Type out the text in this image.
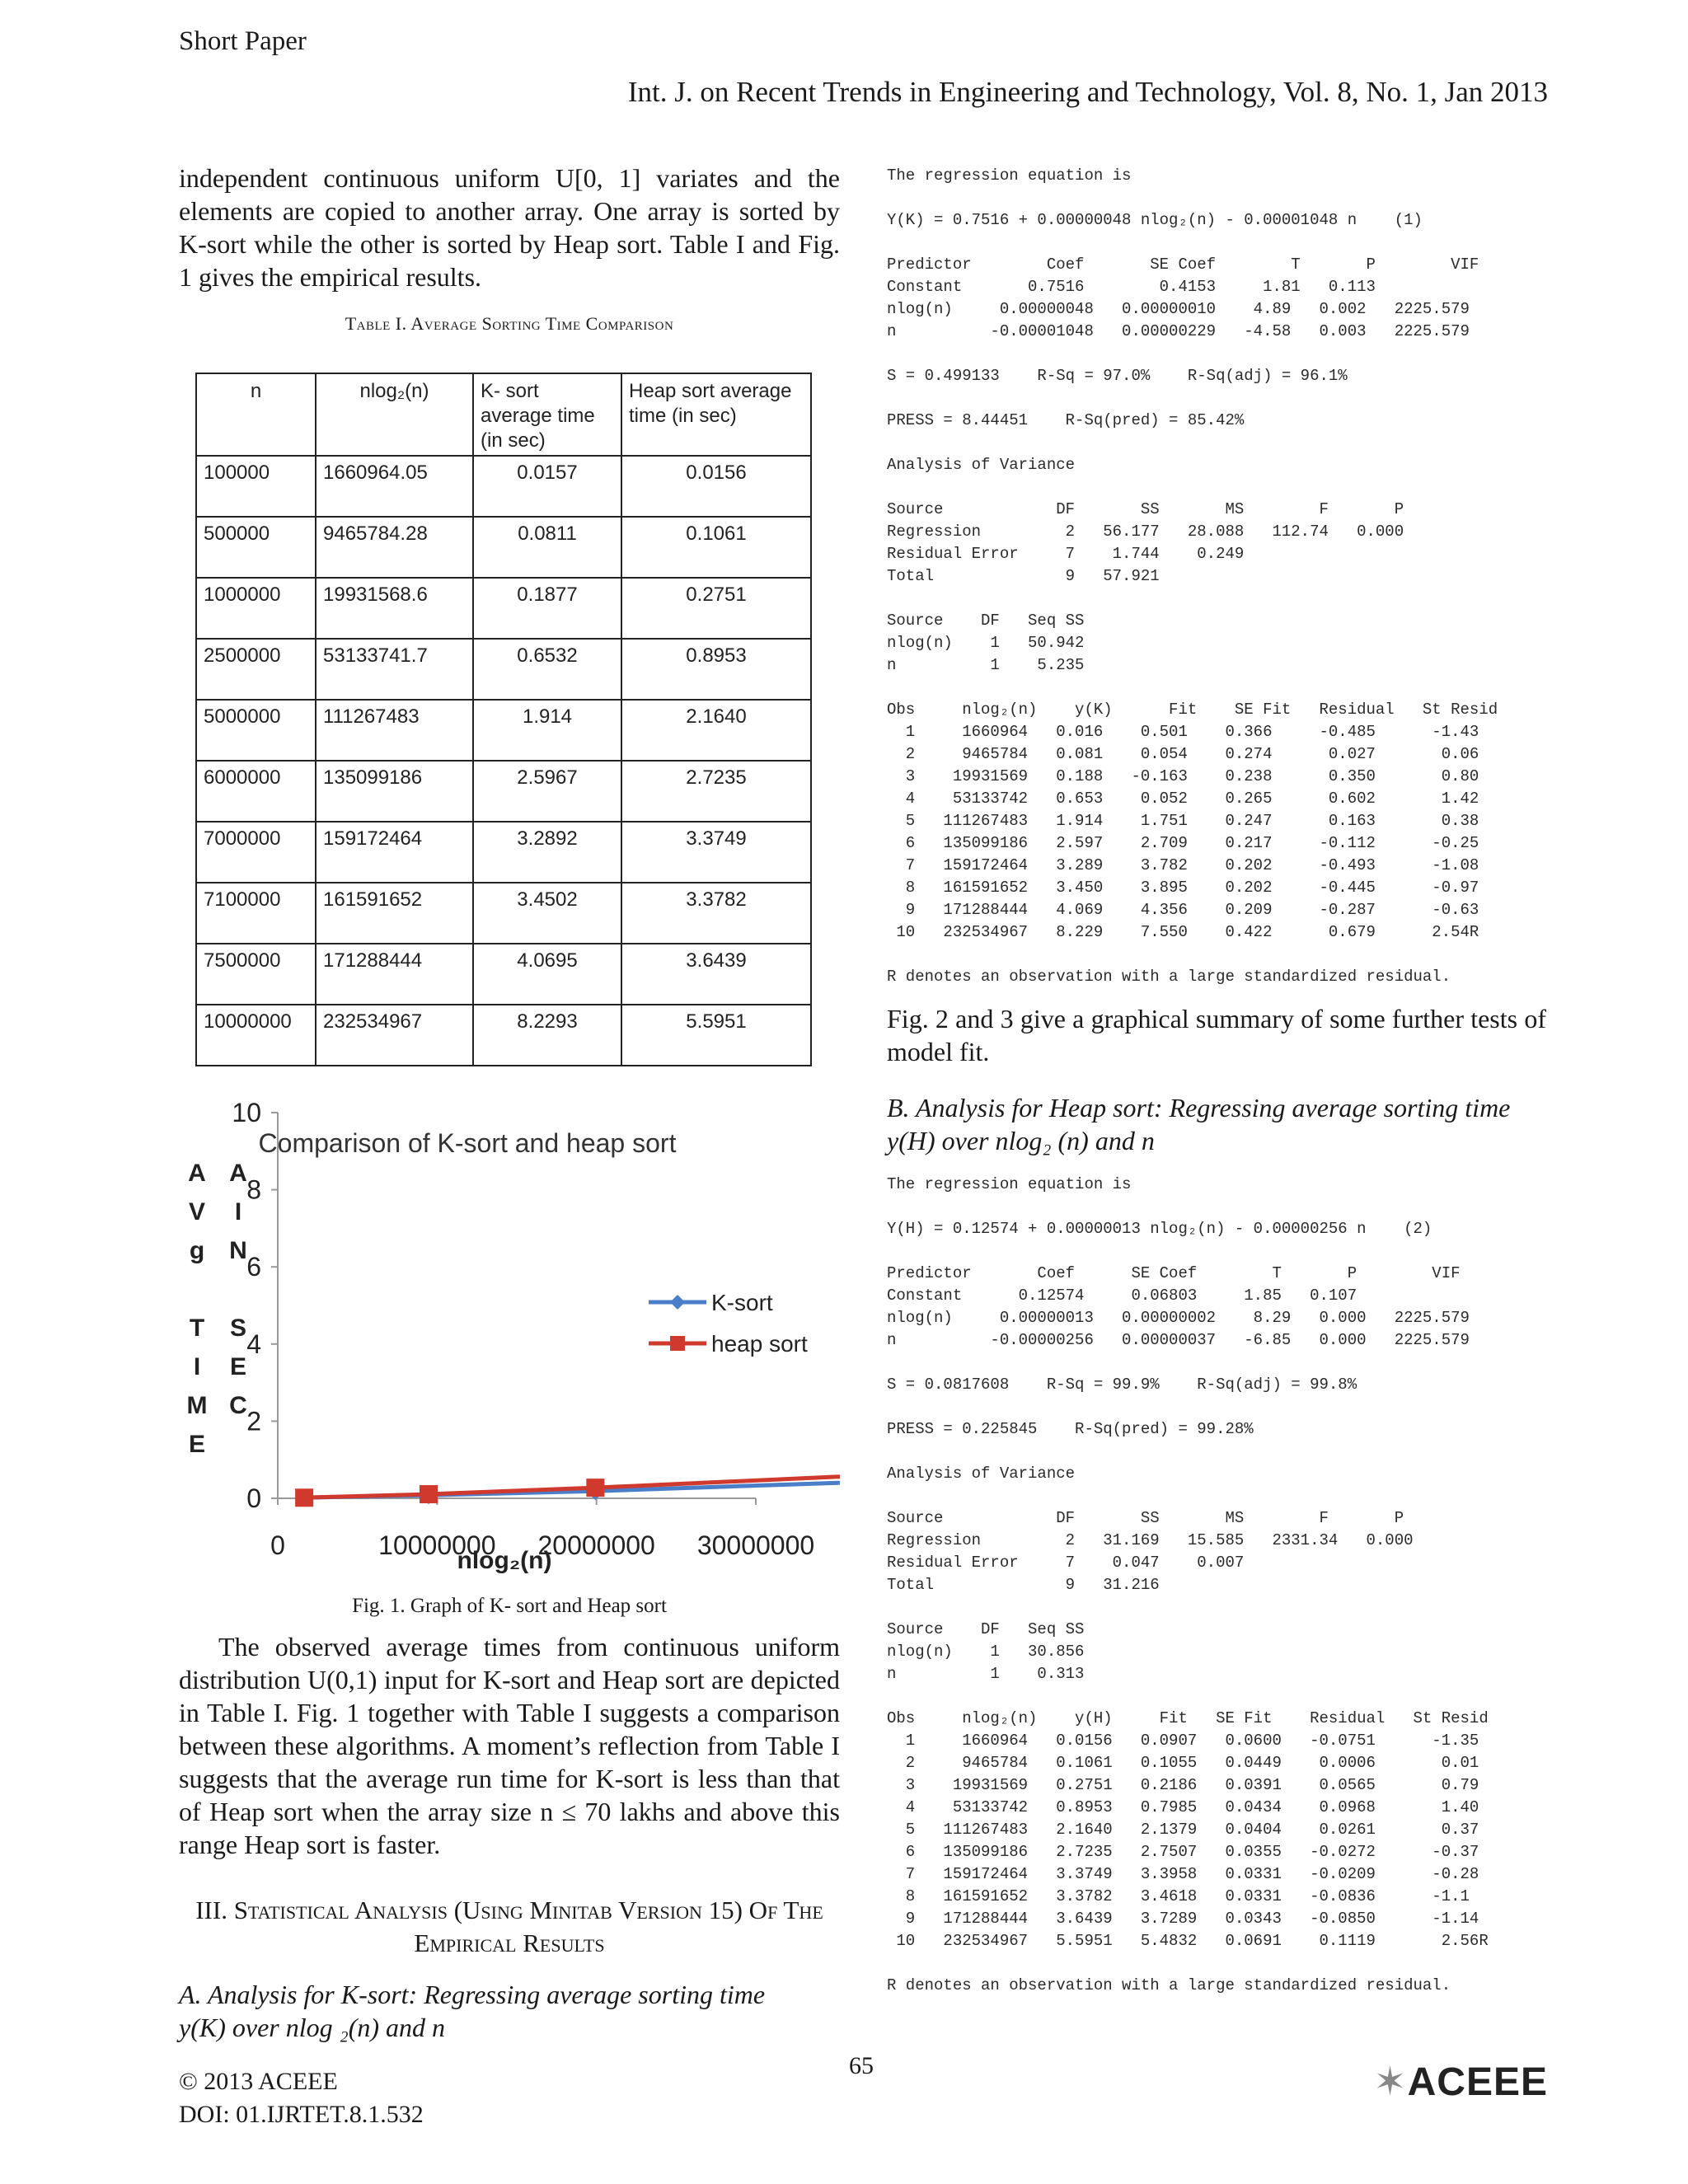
Short Paper
Int. J. on Recent Trends in Engineering and Technology, Vol. 8, No. 1, Jan 2013
independent continuous uniform U[0, 1] variates and the elements are copied to another array. One array is sorted by K-sort while the other is sorted by Heap sort. Table I and Fig. 1 gives the empirical results.
Table I. Average Sorting Time Comparison
n	nlog₂(n)	K- sort average time (in sec)	Heap sort average time (in sec)
100000	1660964.05	0.0157	0.0156
500000	9465784.28	0.0811	0.1061
1000000	19931568.6	0.1877	0.2751
2500000	53133741.7	0.6532	0.8953
5000000	111267483	1.914	2.1640
6000000	135099186	2.5967	2.7235
7000000	159172464	3.2892	3.3749
7100000	161591652	3.4502	3.3782
7500000	171288444	4.0695	3.6439
10000000	232534967	8.2293	5.5951
0
2
4
6
8
10
0	10000000 20000000 30000000
Comparison of K-sort and heap sort
nlog₂(n)
A
V
g
T
I
M
E
A
I
N
S
E
C
K-sort
heap sort
Fig. 1. Graph of K- sort and Heap sort
The observed average times from continuous uniform distribution U(0,1) input for K-sort and Heap sort are depicted in Table I. Fig. 1 together with Table I suggests a comparison between these algorithms. A moment’s reflection from Table I suggests that the average run time for K-sort is less than that of Heap sort when the array size n ≤ 70 lakhs and above this range Heap sort is faster.
III. Statistical Analysis (Using Minitab Version 15) Of The Empirical Results
A. Analysis for K-sort: Regressing average sorting time
y(K) over nlog ₂(n) and n
The regression equation is
Y(K) = 0.7516 + 0.00000048 nlog₂(n) - 0.00001048 n    (1)
Predictor        Coef       SE Coef        T       P        VIF
Constant       0.7516        0.4153     1.81   0.113
nlog(n)     0.00000048   0.00000010    4.89   0.002   2225.579
n          -0.00001048   0.00000229   -4.58   0.003   2225.579
S = 0.499133    R-Sq = 97.0%    R-Sq(adj) = 96.1%
PRESS = 8.44451    R-Sq(pred) = 85.42%
Analysis of Variance
Source            DF       SS       MS        F       P
Regression         2   56.177   28.088   112.74   0.000
Residual Error     7    1.744    0.249
Total              9   57.921
Source    DF   Seq SS
nlog(n)    1   50.942
n          1    5.235
Obs     nlog₂(n)    y(K)      Fit    SE Fit   Residual   St Resid
1     1660964   0.016    0.501    0.366     -0.485      -1.43
2     9465784   0.081    0.054    0.274      0.027       0.06
3    19931569   0.188   -0.163    0.238      0.350       0.80
4    53133742   0.653    0.052    0.265      0.602       1.42
5   111267483   1.914    1.751    0.247      0.163       0.38
6   135099186   2.597    2.709    0.217     -0.112      -0.25
7   159172464   3.289    3.782    0.202     -0.493      -1.08
8   161591652   3.450    3.895    0.202     -0.445      -0.97
9   171288444   4.069    4.356    0.209     -0.287      -0.63
10   232534967   8.229    7.550    0.422      0.679      2.54R
R denotes an observation with a large standardized residual.
Fig. 2 and 3 give a graphical summary of some further tests of model fit.
B. Analysis for Heap sort: Regressing average sorting time
y(H) over nlog₂ (n) and n
The regression equation is
Y(H) = 0.12574 + 0.00000013 nlog₂(n) - 0.00000256 n    (2)
Predictor       Coef      SE Coef        T       P        VIF
Constant      0.12574     0.06803     1.85   0.107
nlog(n)     0.00000013   0.00000002    8.29   0.000   2225.579
n          -0.00000256   0.00000037   -6.85   0.000   2225.579
S = 0.0817608    R-Sq = 99.9%    R-Sq(adj) = 99.8%
PRESS = 0.225845    R-Sq(pred) = 99.28%
Analysis of Variance
Source            DF       SS       MS        F       P
Regression         2   31.169   15.585   2331.34   0.000
Residual Error     7    0.047    0.007
Total              9   31.216
Source    DF   Seq SS
nlog(n)    1   30.856
n          1    0.313
Obs     nlog₂(n)    y(H)     Fit   SE Fit    Residual   St Resid
1     1660964   0.0156   0.0907   0.0600   -0.0751      -1.35
2     9465784   0.1061   0.1055   0.0449    0.0006       0.01
3    19931569   0.2751   0.2186   0.0391    0.0565       0.79
4    53133742   0.8953   0.7985   0.0434    0.0968       1.40
5   111267483   2.1640   2.1379   0.0404    0.0261       0.37
6   135099186   2.7235   2.7507   0.0355   -0.0272      -0.37
7   159172464   3.3749   3.3958   0.0331   -0.0209      -0.28
8   161591652   3.3782   3.4618   0.0331   -0.0836      -1.1
9   171288444   3.6439   3.7289   0.0343   -0.0850      -1.14
10   232534967   5.5951   5.4832   0.0691    0.1119       2.56R
R denotes an observation with a large standardized residual.
© 2013 ACEEE
DOI: 01.IJRTET.8.1.532
65	✶ACEEE
